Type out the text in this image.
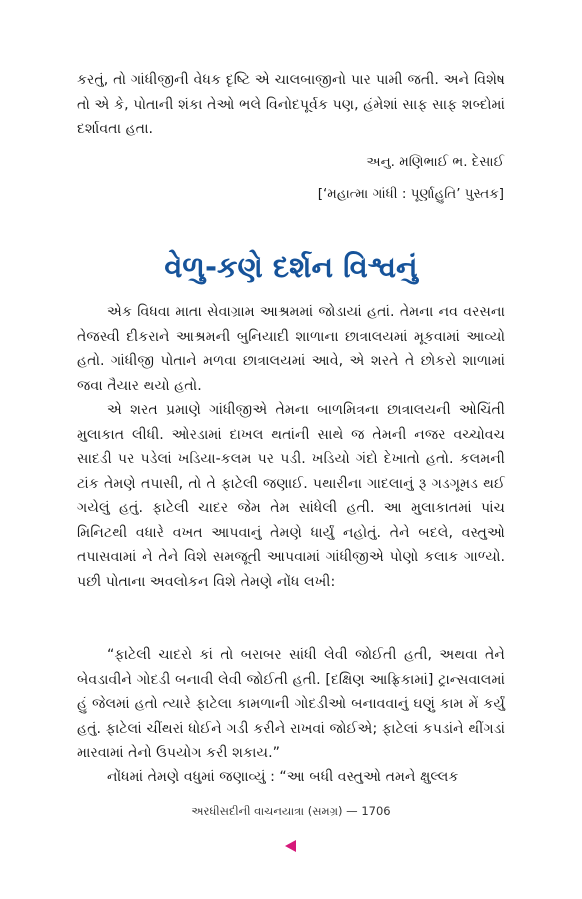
કરતું, તો ગાંધીજીની વેધક દૃષ્ટિ એ ચાલબાજીનો પાર પામી જતી. અને વિશેષ તો એ કે, પોતાની શંકા તેઓ ભલે વિનોદપૂર્વક પણ, હંમેશાં સાફ સાફ શબ્દોમાં દર્શાવતા હતા.

અનુ. મણિભાઈ ભ. દેસાઈ

[‘મહાત્મા ગાંધી : પૂર્ણાહુતિ’ પુસ્તક]

વેળુ-કણે દર્શન વિશ્વનું

એક વિધવા માતા સેવાગ્રામ આશ્રમમાં જોડાયાં હતાં. તેમના નવ વરસના તેજસ્વી દીકરાને આશ્રમની બુનિયાદી શાળાના છાત્રાલયમાં મૂકવામાં આવ્યો હતો. ગાંધીજી પોતાને મળવા છાત્રાલયમાં આવે, એ શરતે તે છોકરો શાળામાં જવા તૈયાર થયો હતો.

એ શરત પ્રમાણે ગાંધીજીએ તેમના બાળમિત્રના છાત્રાલયની ઓચિંતી મુલાકાત લીધી. ઓરડામાં દાખલ થતાંની સાથે જ તેમની નજર વચ્ચોવચ સાદડી પર પડેલાં ખડિયા-કલમ પર પડી. ખડિયો ગંદો દેખાતો હતો. કલમની ટાંક તેમણે તપાસી, તો તે ફાટેલી જણાઈ. પથારીના ગાદલાનું રૂ ગડગૂમડ થઈ ગયેલું હતું. ફાટેલી ચાદર જેમ તેમ સાંધેલી હતી. આ મુલાકાતમાં પાંચ મિનિટથી વધારે વખત આપવાનું તેમણે ધાર્યું નહોતું. તેને બદલે, વસ્તુઓ તપાસવામાં ને તેને વિશે સમજૂતી આપવામાં ગાંધીજીએ પોણો કલાક ગાળ્યો. પછી પોતાના અવલોકન વિશે તેમણે નોંધ લખી:

“ફાટેલી ચાદરો કાં તો બરાબર સાંધી લેવી જોઈતી હતી, અથવા તેને બેવડાવીને ગોદડી બનાવી લેવી જોઈતી હતી. [દક્ષિણ આફ્રિકામાં] ટ્રાન્સવાલમાં હું જેલમાં હતો ત્યારે ફાટેલા કામળાની ગોદડીઓ બનાવવાનું ઘણું કામ મેં કર્યું હતું. ફાટેલાં ચીંથરાં ધોઈને ગડી કરીને રાખવાં જોઈએ; ફાટેલાં કપડાંને થીંગડાં મારવામાં તેનો ઉપયોગ કરી શકાય.”

નોંધમાં તેમણે વધુમાં જણાવ્યું : “આ બધી વસ્તુઓ તમને ક્ષુલ્લક

અરધીસદીની વાચનયાત્રા (સમગ્ર) — 1706
